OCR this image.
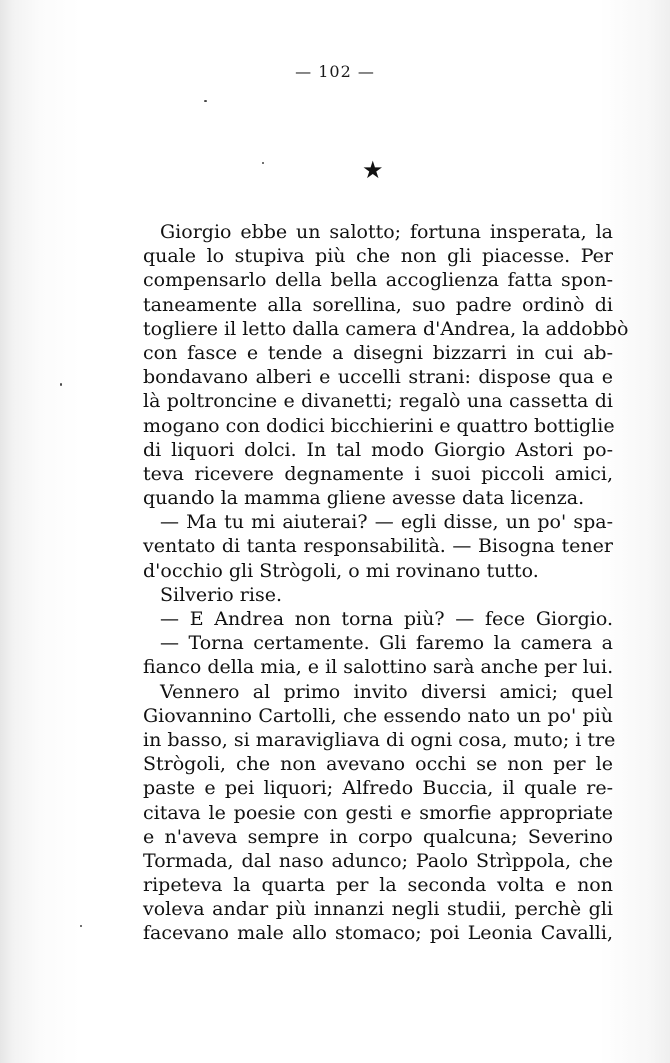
— 102 —
★
Giorgio ebbe un salotto; fortuna insperata, la
quale lo stupiva più che non gli piacesse. Per
compensarlo della bella accoglienza fatta spon-
taneamente alla sorellina, suo padre ordinò di
togliere il letto dalla camera d'Andrea, la addobbò
con fasce e tende a disegni bizzarri in cui ab-
bondavano alberi e uccelli strani: dispose qua e
là poltroncine e divanetti; regalò una cassetta di
mogano con dodici bicchierini e quattro bottiglie
di liquori dolci. In tal modo Giorgio Astori po-
teva ricevere degnamente i suoi piccoli amici,
quando la mamma gliene avesse data licenza.
— Ma tu mi aiuterai? — egli disse, un po' spa-
ventato di tanta responsabilità. — Bisogna tener
d'occhio gli Strògoli, o mi rovinano tutto.
Silverio rise.
— E Andrea non torna più? — fece Giorgio.
— Torna certamente. Gli faremo la camera a
fianco della mia, e il salottino sarà anche per lui.
Vennero al primo invito diversi amici; quel
Giovannino Cartolli, che essendo nato un po' più
in basso, si maravigliava di ogni cosa, muto; i tre
Strògoli, che non avevano occhi se non per le
paste e pei liquori; Alfredo Buccia, il quale re-
citava le poesie con gesti e smorfie appropriate
e n'aveva sempre in corpo qualcuna; Severino
Tormada, dal naso adunco; Paolo Strìppola, che
ripeteva la quarta per la seconda volta e non
voleva andar più innanzi negli studii, perchè gli
facevano male allo stomaco; poi Leonia Cavalli,
